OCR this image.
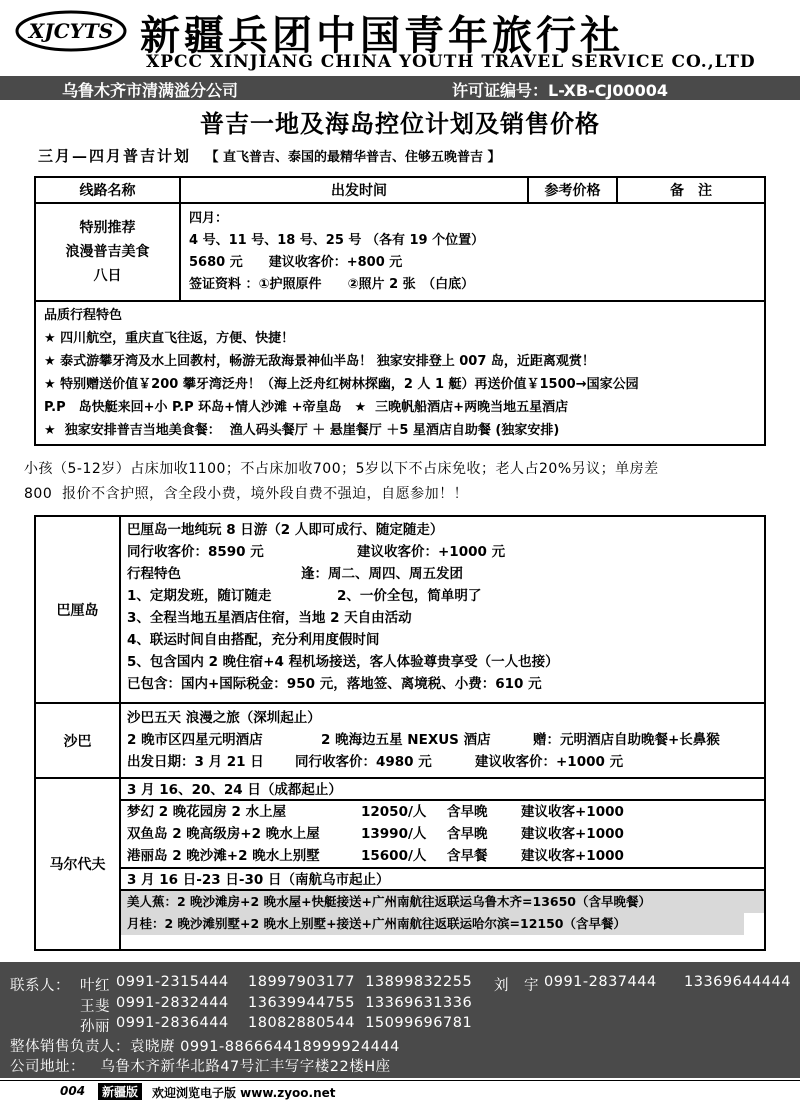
XJCYTS 新疆兵团中国青年旅行社
XPCC XINJIANG CHINA YOUTH TRAVEL SERVICE CO.,LTD
乌鲁木齐市清满溢分公司	许可证编号：L-XB-CJ00004
普吉一地及海岛控位计划及销售价格
三月—四月普吉计划 【 直飞普吉、泰国的最精华普吉、住够五晚普吉 】
线路名称	出发时间	参考价格	备　注
特别推荐
浪漫普吉美食
八日
四月：
4 号、11 号、18 号、25 号 （各有 19 个位置）
5680 元　　建议收客价：+800 元
签证资料 ：①护照原件　　②照片 2 张　（白底）
品质行程特色
★ 四川航空，重庆直飞往返，方便、快捷！
★ 泰式游攀牙湾及水上回教村，畅游无敌海景神仙半岛！ 独家安排登上 007 岛，近距离观赏！
★ 特别赠送价值￥200 攀牙湾泛舟！（海上泛舟红树林探幽，2 人 1 艇）再送价值￥1500→国家公园
P.P　岛快艇来回+小 P.P 环岛+情人沙滩 +帝皇岛　★  三晚帆船酒店+两晚当地五星酒店
★  独家安排普吉当地美食餐：  渔人码头餐厅 ＋ 悬崖餐厅 ＋5 星酒店自助餐 (独家安排)
小孩（5-12岁）占床加收1100；不占床加收700；5岁以下不占床免收；老人占20%另议；单房差
800  报价不含护照，含全段小费，境外段自费不强迫，自愿参加！！
巴厘岛
巴厘岛一地纯玩 8 日游（2 人即可成行、随定随走）
同行收客价：8590 元	建议收客价：+1000 元
行程特色	逢：周二、周四、周五发团
1、定期发班，随订随走	2、一价全包，简单明了
3、全程当地五星酒店住宿，当地 2 天自由活动
4、联运时间自由搭配，充分利用度假时间
5、包含国内 2 晚住宿+4 程机场接送，客人体验尊贵享受（一人也接）
已包含：国内+国际税金：950 元，落地签、离境税、小费：610 元
沙巴
沙巴五天 浪漫之旅（深圳起止）
2 晚市区四星元明酒店	2 晚海边五星 NEXUS 酒店	赠：元明酒店自助晚餐+长鼻猴
出发日期：3 月 21 日 同行收客价：4980 元	建议收客价：+1000 元
马尔代夫
3 月 16、20、24 日（成都起止）
梦幻 2 晚花园房 2 水上屋	12050/人 含早晚 建议收客+1000
双鱼岛 2 晚高级房+2 晚水上屋	13990/人 含早晚 建议收客+1000
港丽岛 2 晚沙滩+2 晚水上别墅	15600/人 含早餐 建议收客+1000
3 月 16 日-23 日-30 日（南航乌市起止）
美人蕉：2 晚沙滩房+2 晚水屋+快艇接送+广州南航往返联运乌鲁木齐=13650（含早晚餐）
月桂：2 晚沙滩别墅+2 晚水上别墅+接送+广州南航往返联运哈尔滨=12150（含早餐）
联系人： 叶红 0991-2315444 18997903177  13899832255 刘　宇 0991-2837444 13369644444
王斐 0991-2832444 13639944755  13369631336
孙丽 0991-2836444 18082880544  15099696781
整体销售负责人：袁晓赓 0991-886664418999924444
公司地址：   乌鲁木齐新华北路47号汇丰写字楼22楼H座
004	新疆版	欢迎浏览电子版 www.zyoo.net
